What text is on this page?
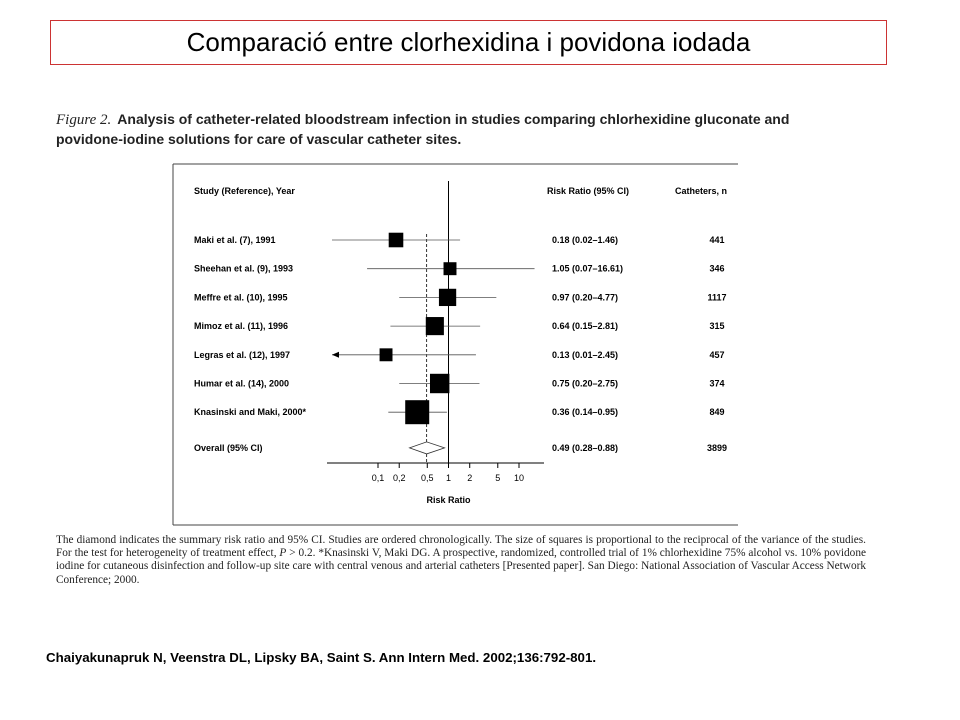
Comparació entre clorhexidina i povidona iodada
Figure 2. Analysis of catheter-related bloodstream infection in studies comparing chlorhexidine gluconate and povidone-iodine solutions for care of vascular catheter sites.
Study (Reference), Year	Risk Ratio (95% CI)	Catheters, n
Maki et al. (7), 1991	0.18 (0.02–1.46)	441
Sheehan et al. (9), 1993	1.05 (0.07–16.61)	346
Meffre et al. (10), 1995	0.97 (0.20–4.77)	1117
Mimoz et al. (11), 1996	0.64 (0.15–2.81)	315
Legras et al. (12), 1997	0.13 (0.01–2.45)	457
Humar et al. (14), 2000	0.75 (0.20–2.75)	374
Knasinski and Maki, 2000*	0.36 (0.14–0.95)	849
Overall (95% CI)	0.49 (0.28–0.88)	3899
0,1 0,2 0,5 1 2	5 10
Risk Ratio
The diamond indicates the summary risk ratio and 95% CI. Studies are ordered chronologically. The size of squares is proportional to the reciprocal of the variance of the studies. For the test for heterogeneity of treatment effect, P > 0.2. *Knasinski V, Maki DG. A prospective, randomized, controlled trial of 1% chlorhexidine 75% alcohol vs. 10% povidone iodine for cutaneous disinfection and follow-up site care with central venous and arterial catheters [Presented paper]. San Diego: National Association of Vascular Access Network Conference; 2000.
Chaiyakunapruk N, Veenstra DL, Lipsky BA, Saint S. Ann Intern Med. 2002;136:792-801.
